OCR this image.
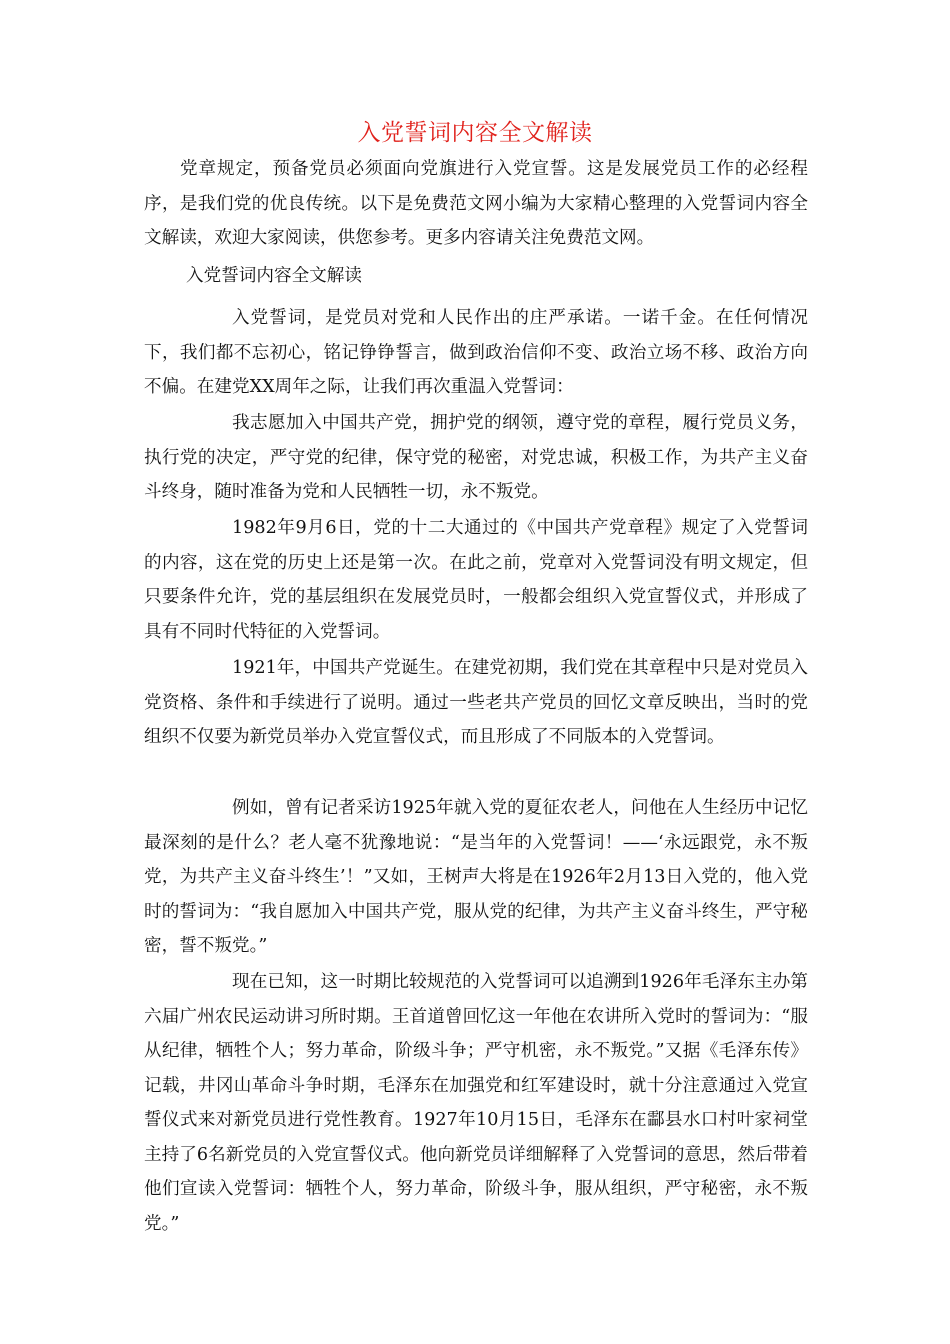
入党誓词内容全文解读

党章规定，预备党员必须面向党旗进行入党宣誓。这是发展党员工作的必经程序，是我们党的优良传统。以下是免费范文网小编为大家精心整理的入党誓词内容全文解读，欢迎大家阅读，供您参考。更多内容请关注免费范文网。

入党誓词内容全文解读

入党誓词，是党员对党和人民作出的庄严承诺。一诺千金。在任何情况下，我们都不忘初心，铭记铮铮誓言，做到政治信仰不变、政治立场不移、政治方向不偏。在建党XX周年之际，让我们再次重温入党誓词：

我志愿加入中国共产党，拥护党的纲领，遵守党的章程，履行党员义务，执行党的决定，严守党的纪律，保守党的秘密，对党忠诚，积极工作，为共产主义奋斗终身，随时准备为党和人民牺牲一切，永不叛党。

1982年9月6日，党的十二大通过的《中国共产党章程》规定了入党誓词的内容，这在党的历史上还是第一次。在此之前，党章对入党誓词没有明文规定，但只要条件允许，党的基层组织在发展党员时，一般都会组织入党宣誓仪式，并形成了具有不同时代特征的入党誓词。

1921年，中国共产党诞生。在建党初期，我们党在其章程中只是对党员入党资格、条件和手续进行了说明。通过一些老共产党员的回忆文章反映出，当时的党组织不仅要为新党员举办入党宣誓仪式，而且形成了不同版本的入党誓词。

例如，曾有记者采访1925年就入党的夏征农老人，问他在人生经历中记忆最深刻的是什么？老人毫不犹豫地说：“是当年的入党誓词！——‘永远跟党，永不叛党，为共产主义奋斗终生’！”又如，王树声大将是在1926年2月13日入党的，他入党时的誓词为：“我自愿加入中国共产党，服从党的纪律，为共产主义奋斗终生，严守秘密，誓不叛党。”

现在已知，这一时期比较规范的入党誓词可以追溯到1926年毛泽东主办第六届广州农民运动讲习所时期。王首道曾回忆这一年他在农讲所入党时的誓词为：“服从纪律，牺牲个人；努力革命，阶级斗争；严守机密，永不叛党。”又据《毛泽东传》记载，井冈山革命斗争时期，毛泽东在加强党和红军建设时，就十分注意通过入党宣誓仪式来对新党员进行党性教育。1927年10月15日，毛泽东在酃县水口村叶家祠堂主持了6名新党员的入党宣誓仪式。他向新党员详细解释了入党誓词的意思，然后带着他们宣读入党誓词：牺牲个人，努力革命，阶级斗争，服从组织，严守秘密，永不叛党。”
